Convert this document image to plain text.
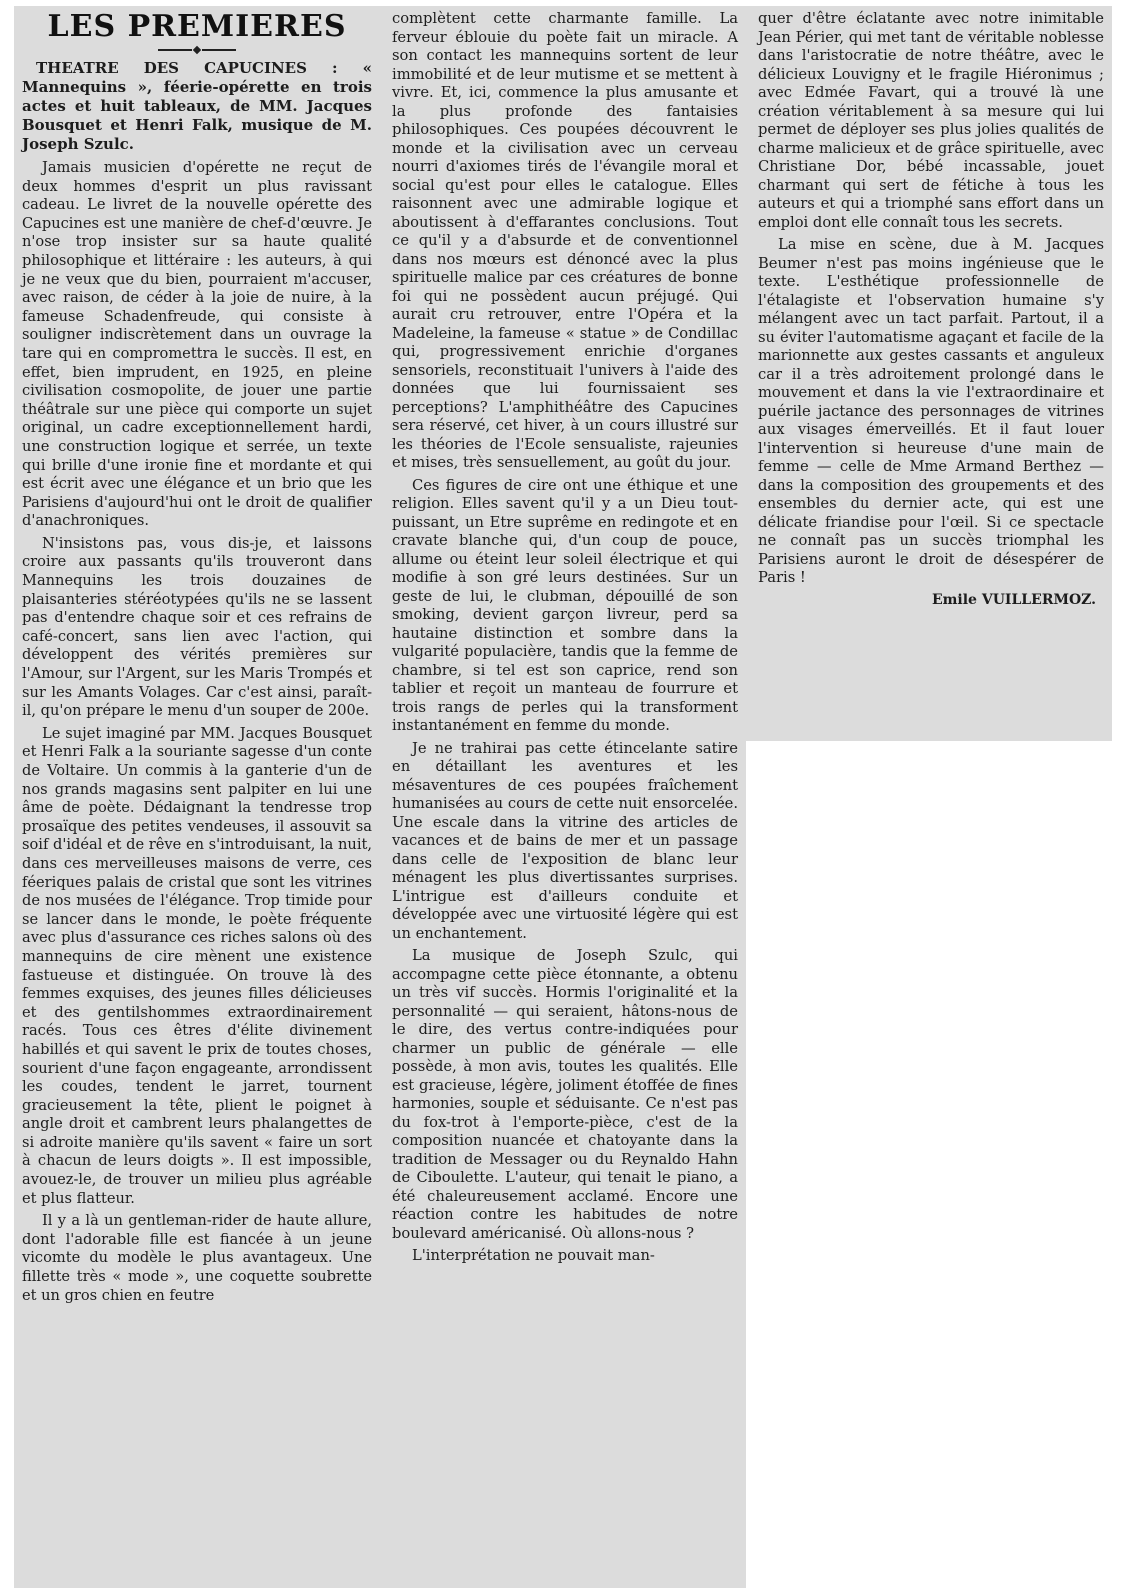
LES PREMIERES
THEATRE DES CAPUCINES : « Mannequins », féerie-opérette en trois actes et huit tableaux, de MM. Jacques Bousquet et Henri Falk, musique de M. Joseph Szulc.

Jamais musicien d'opérette ne reçut de deux hommes d'esprit un plus ravissant cadeau. Le livret de la nouvelle opérette des Capucines est une manière de chef-d'œuvre. Je n'ose trop insister sur sa haute qualité philosophique et littéraire : les auteurs, à qui je ne veux que du bien, pourraient m'accuser, avec raison, de céder à la joie de nuire, à la fameuse Schadenfreude, qui consiste à souligner indiscrètement dans un ouvrage la tare qui en compromettra le succès. Il est, en effet, bien imprudent, en 1925, en pleine civilisation cosmopolite, de jouer une partie théâtrale sur une pièce qui comporte un sujet original, un cadre exceptionnellement hardi, une construction logique et serrée, un texte qui brille d'une ironie fine et mordante et qui est écrit avec une élégance et un brio que les Parisiens d'aujourd'hui ont le droit de qualifier d'anachroniques.

N'insistons pas, vous dis-je, et laissons croire aux passants qu'ils trouveront dans Mannequins les trois douzaines de plaisanteries stéréotypées qu'ils ne se lassent pas d'entendre chaque soir et ces refrains de café-concert, sans lien avec l'action, qui développent des vérités premières sur l'Amour, sur l'Argent, sur les Maris Trompés et sur les Amants Volages. Car c'est ainsi, paraît-il, qu'on prépare le menu d'un souper de 200e.

Le sujet imaginé par MM. Jacques Bousquet et Henri Falk a la souriante sagesse d'un conte de Voltaire. Un commis à la ganterie d'un de nos grands magasins sent palpiter en lui une âme de poète. Dédaignant la tendresse trop prosaïque des petites vendeuses, il assouvit sa soif d'idéal et de rêve en s'introduisant, la nuit, dans ces merveilleuses maisons de verre, ces féeriques palais de cristal que sont les vitrines de nos musées de l'élégance. Trop timide pour se lancer dans le monde, le poète fréquente avec plus d'assurance ces riches salons où des mannequins de cire mènent une existence fastueuse et distinguée. On trouve là des femmes exquises, des jeunes filles délicieuses et des gentilshommes extraordinairement racés. Tous ces êtres d'élite divinement habillés et qui savent le prix de toutes choses, sourient d'une façon engageante, arrondissent les coudes, tendent le jarret, tournent gracieusement la tête, plient le poignet à angle droit et cambrent leurs phalangettes de si adroite manière qu'ils savent « faire un sort à chacun de leurs doigts ». Il est impossible, avouez-le, de trouver un milieu plus agréable et plus flatteur.

Il y a là un gentleman-rider de haute allure, dont l'adorable fille est fiancée à un jeune vicomte du modèle le plus avantageux. Une fillette très « mode », une coquette soubrette et un gros chien en feutre

complètent cette charmante famille. La ferveur éblouie du poète fait un miracle. A son contact les mannequins sortent de leur immobilité et de leur mutisme et se mettent à vivre. Et, ici, commence la plus amusante et la plus profonde des fantaisies philosophiques. Ces poupées découvrent le monde et la civilisation avec un cerveau nourri d'axiomes tirés de l'évangile moral et social qu'est pour elles le catalogue. Elles raisonnent avec une admirable logique et aboutissent à d'effarantes conclusions. Tout ce qu'il y a d'absurde et de conventionnel dans nos mœurs est dénoncé avec la plus spirituelle malice par ces créatures de bonne foi qui ne possèdent aucun préjugé. Qui aurait cru retrouver, entre l'Opéra et la Madeleine, la fameuse « statue » de Condillac qui, progressivement enrichie d'organes sensoriels, reconstituait l'univers à l'aide des données que lui fournissaient ses perceptions? L'amphithéâtre des Capucines sera réservé, cet hiver, à un cours illustré sur les théories de l'Ecole sensualiste, rajeunies et mises, très sensuellement, au goût du jour.

Ces figures de cire ont une éthique et une religion. Elles savent qu'il y a un Dieu tout-puissant, un Etre suprême en redingote et en cravate blanche qui, d'un coup de pouce, allume ou éteint leur soleil électrique et qui modifie à son gré leurs destinées. Sur un geste de lui, le clubman, dépouillé de son smoking, devient garçon livreur, perd sa hautaine distinction et sombre dans la vulgarité populacière, tandis que la femme de chambre, si tel est son caprice, rend son tablier et reçoit un manteau de fourrure et trois rangs de perles qui la transforment instantanément en femme du monde.

Je ne trahirai pas cette étincelante satire en détaillant les aventures et les mésaventures de ces poupées fraîchement humanisées au cours de cette nuit ensorcelée. Une escale dans la vitrine des articles de vacances et de bains de mer et un passage dans celle de l'exposition de blanc leur ménagent les plus divertissantes surprises. L'intrigue est d'ailleurs conduite et développée avec une virtuosité légère qui est un enchantement.

La musique de Joseph Szulc, qui accompagne cette pièce étonnante, a obtenu un très vif succès. Hormis l'originalité et la personnalité — qui seraient, hâtons-nous de le dire, des vertus contre-indiquées pour charmer un public de générale — elle possède, à mon avis, toutes les qualités. Elle est gracieuse, légère, joliment étoffée de fines harmonies, souple et séduisante. Ce n'est pas du fox-trot à l'emporte-pièce, c'est de la composition nuancée et chatoyante dans la tradition de Messager ou du Reynaldo Hahn de Ciboulette. L'auteur, qui tenait le piano, a été chaleureusement acclamé. Encore une réaction contre les habitudes de notre boulevard américanisé. Où allons-nous ?

L'interprétation ne pouvait man-

quer d'être éclatante avec notre inimitable Jean Périer, qui met tant de véritable noblesse dans l'aristocratie de notre théâtre, avec le délicieux Louvigny et le fragile Hiéronimus ; avec Edmée Favart, qui a trouvé là une création véritablement à sa mesure qui lui permet de déployer ses plus jolies qualités de charme malicieux et de grâce spirituelle, avec Christiane Dor, bébé incassable, jouet charmant qui sert de fétiche à tous les auteurs et qui a triomphé sans effort dans un emploi dont elle connaît tous les secrets.

La mise en scène, due à M. Jacques Beumer n'est pas moins ingénieuse que le texte. L'esthétique professionnelle de l'étalagiste et l'observation humaine s'y mélangent avec un tact parfait. Partout, il a su éviter l'automatisme agaçant et facile de la marionnette aux gestes cassants et anguleux car il a très adroitement prolongé dans le mouvement et dans la vie l'extraordinaire et puérile jactance des personnages de vitrines aux visages émerveillés. Et il faut louer l'intervention si heureuse d'une main de femme — celle de Mme Armand Berthez — dans la composition des groupements et des ensembles du dernier acte, qui est une délicate friandise pour l'œil. Si ce spectacle ne connaît pas un succès triomphal les Parisiens auront le droit de désespérer de Paris !

Emile VUILLERMOZ.
